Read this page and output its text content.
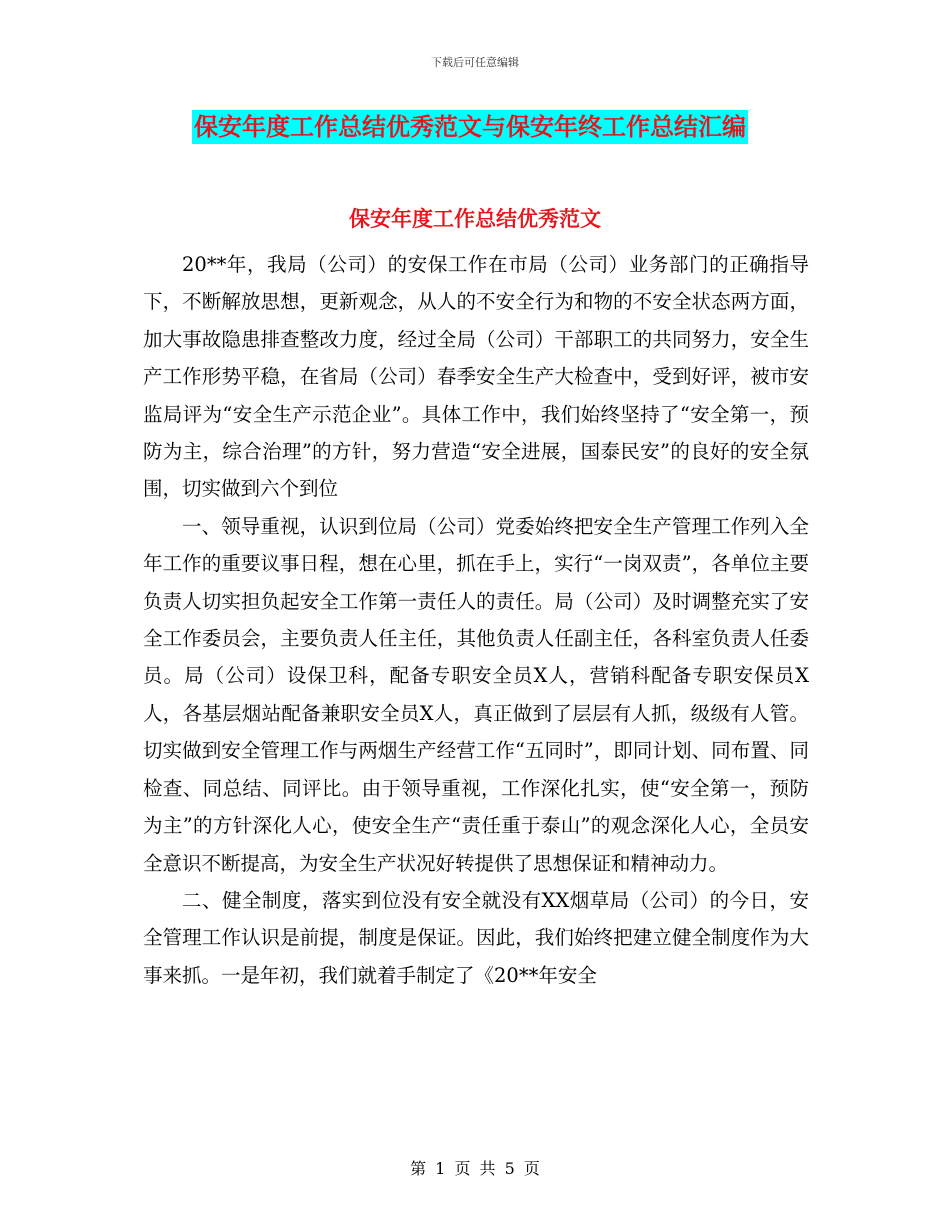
下载后可任意编辑
保安年度工作总结优秀范文与保安年终工作总结汇编
保安年度工作总结优秀范文

20**年，我局（公司）的安保工作在市局（公司）业务部门的正确指导下，不断解放思想，更新观念，从人的不安全行为和物的不安全状态两方面，加大事故隐患排查整改力度，经过全局（公司）干部职工的共同努力，安全生产工作形势平稳，在省局（公司）春季安全生产大检查中，受到好评，被市安监局评为“安全生产示范企业”。具体工作中，我们始终坚持了“安全第一，预防为主，综合治理”的方针，努力营造“安全进展，国泰民安”的良好的安全氛围，切实做到六个到位

一、领导重视，认识到位局（公司）党委始终把安全生产管理工作列入全年工作的重要议事日程，想在心里，抓在手上，实行“一岗双责”，各单位主要负责人切实担负起安全工作第一责任人的责任。局（公司）及时调整充实了安全工作委员会，主要负责人任主任，其他负责人任副主任，各科室负责人任委员。局（公司）设保卫科，配备专职安全员X人，营销科配备专职安保员X人，各基层烟站配备兼职安全员X人，真正做到了层层有人抓，级级有人管。切实做到安全管理工作与两烟生产经营工作“五同时”，即同计划、同布置、同检查、同总结、同评比。由于领导重视，工作深化扎实，使“安全第一，预防为主”的方针深化人心，使安全生产“责任重于泰山”的观念深化人心，全员安全意识不断提高，为安全生产状况好转提供了思想保证和精神动力。

二、健全制度，落实到位没有安全就没有XX烟草局（公司）的今日，安全管理工作认识是前提，制度是保证。因此，我们始终把建立健全制度作为大事来抓。一是年初，我们就着手制定了《20**年安全

第 1 页 共 5 页
